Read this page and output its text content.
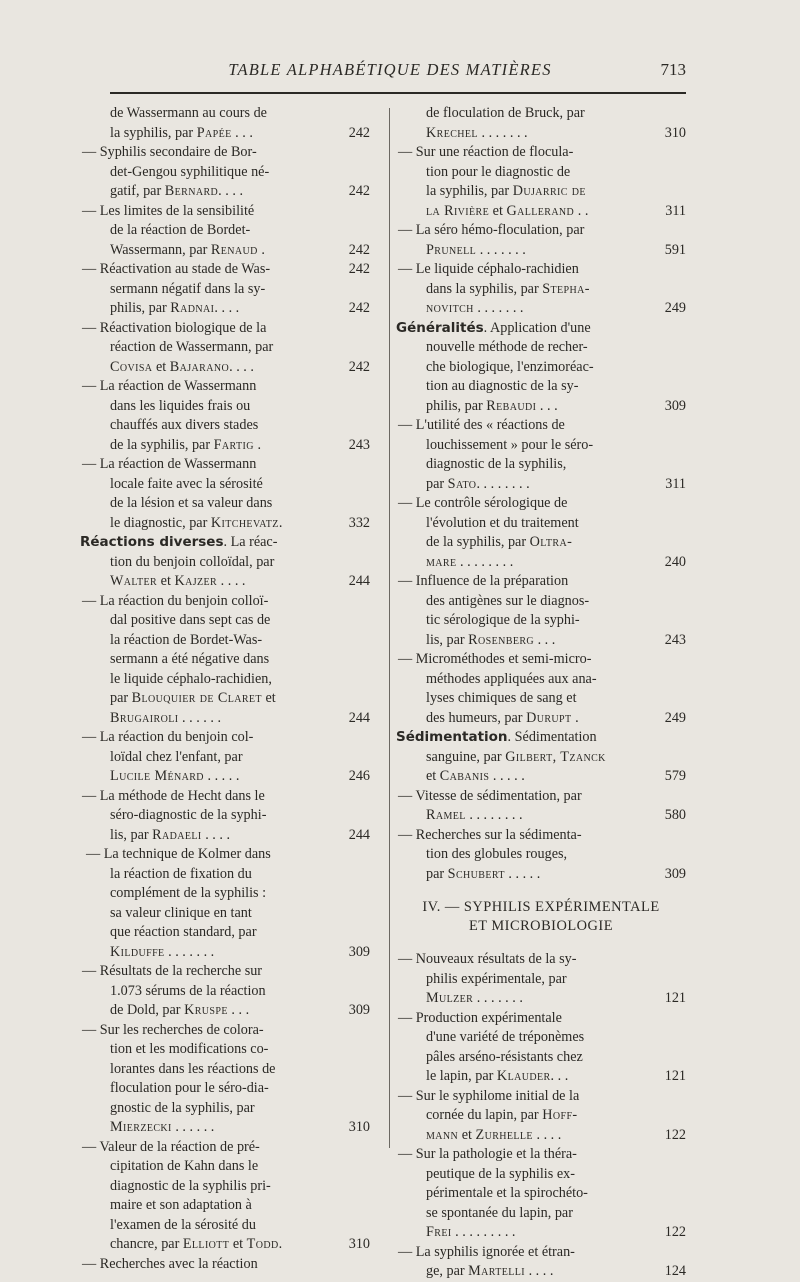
TABLE ALPHABÉTIQUE DES MATIÈRES	713
de Wassermann au cours de
la syphilis, par Papée . . .	242
— Syphilis secondaire de Bor-
det-Gengou syphilitique né-
gatif, par Bernard. . . .	242
— Les limites de la sensibilité
de la réaction de Bordet-
Wassermann, par Renaud .	242
— Réactivation au stade de Was-	242
sermann négatif dans la sy-
philis, par Radnai. . . .	242
— Réactivation biologique de la
réaction de Wassermann, par
Covisa et Bajarano. . . .	242
— La réaction de Wassermann
dans les liquides frais ou
chauffés aux divers stades
de la syphilis, par Fartig .	243
— La réaction de Wassermann
locale faite avec la sérosité
de la lésion et sa valeur dans
le diagnostic, par Kitchevatz.	332
Réactions diverses. La réac-
tion du benjoin colloïdal, par
Walter et Kajzer . . . .	244
— La réaction du benjoin colloï-
dal positive dans sept cas de
la réaction de Bordet-Was-
sermann a été négative dans
le liquide céphalo-rachidien,
par Blouquier de Claret et
Brugairoli . . . . . .	244
— La réaction du benjoin col-
loïdal chez l'enfant, par
Lucile Ménard . . . . .	246
— La méthode de Hecht dans le
séro-diagnostic de la syphi-
lis, par Radaeli . . . .	244
— La technique de Kolmer dans
la réaction de fixation du
complément de la syphilis :
sa valeur clinique en tant
que réaction standard, par
Kilduffe . . . . . . .	309
— Résultats de la recherche sur
1.073 sérums de la réaction
de Dold, par Kruspe . . .	309
— Sur les recherches de colora-
tion et les modifications co-
lorantes dans les réactions de
floculation pour le séro-dia-
gnostic de la syphilis, par
Mierzecki . . . . . .	310
— Valeur de la réaction de pré-
cipitation de Kahn dans le
diagnostic de la syphilis pri-
maire et son adaptation à
l'examen de la sérosité du
chancre, par Elliott et Todd.	310
— Recherches avec la réaction
de floculation de Bruck, par
Krechel . . . . . . .	310
— Sur une réaction de flocula-
tion pour le diagnostic de
la syphilis, par Dujarric de
la Rivière et Gallerand . .	311
— La séro hémo-floculation, par
Prunell . . . . . . .	591
— Le liquide céphalo-rachidien
dans la syphilis, par Stepha-
novitch . . . . . . .	249
Généralités. Application d'une
nouvelle méthode de recher-
che biologique, l'enzimoréac-
tion au diagnostic de la sy-
philis, par Rebaudi . . .	309
— L'utilité des « réactions de
louchissement » pour le séro-
diagnostic de la syphilis,
par Sato. . . . . . . .	311
— Le contrôle sérologique de
l'évolution et du traitement
de la syphilis, par Oltra-
mare . . . . . . . .	240
— Influence de la préparation
des antigènes sur le diagnos-
tic sérologique de la syphi-
lis, par Rosenberg . . .	243
— Microméthodes et semi-micro-
méthodes appliquées aux ana-
lyses chimiques de sang et
des humeurs, par Durupt .	249
Sédimentation. Sédimentation
sanguine, par Gilbert, Tzanck
et Cabanis . . . . .	579
— Vitesse de sédimentation, par
Ramel . . . . . . . .	580
— Recherches sur la sédimenta-
tion des globules rouges,
par Schubert . . . . .	309
IV. — SYPHILIS EXPÉRIMENTALE
ET MICROBIOLOGIE
— Nouveaux résultats de la sy-
philis expérimentale, par
Mulzer . . . . . . .	121
— Production expérimentale
d'une variété de tréponèmes
pâles arséno-résistants chez
le lapin, par Klauder. . .	121
— Sur le syphilome initial de la
cornée du lapin, par Hoff-
mann et Zurhelle . . . .	122
— Sur la pathologie et la théra-
peutique de la syphilis ex-
périmentale et la spirochéto-
se spontanée du lapin, par
Frei . . . . . . . . .	122
— La syphilis ignorée et étran-
ge, par Martelli . . . .	124
